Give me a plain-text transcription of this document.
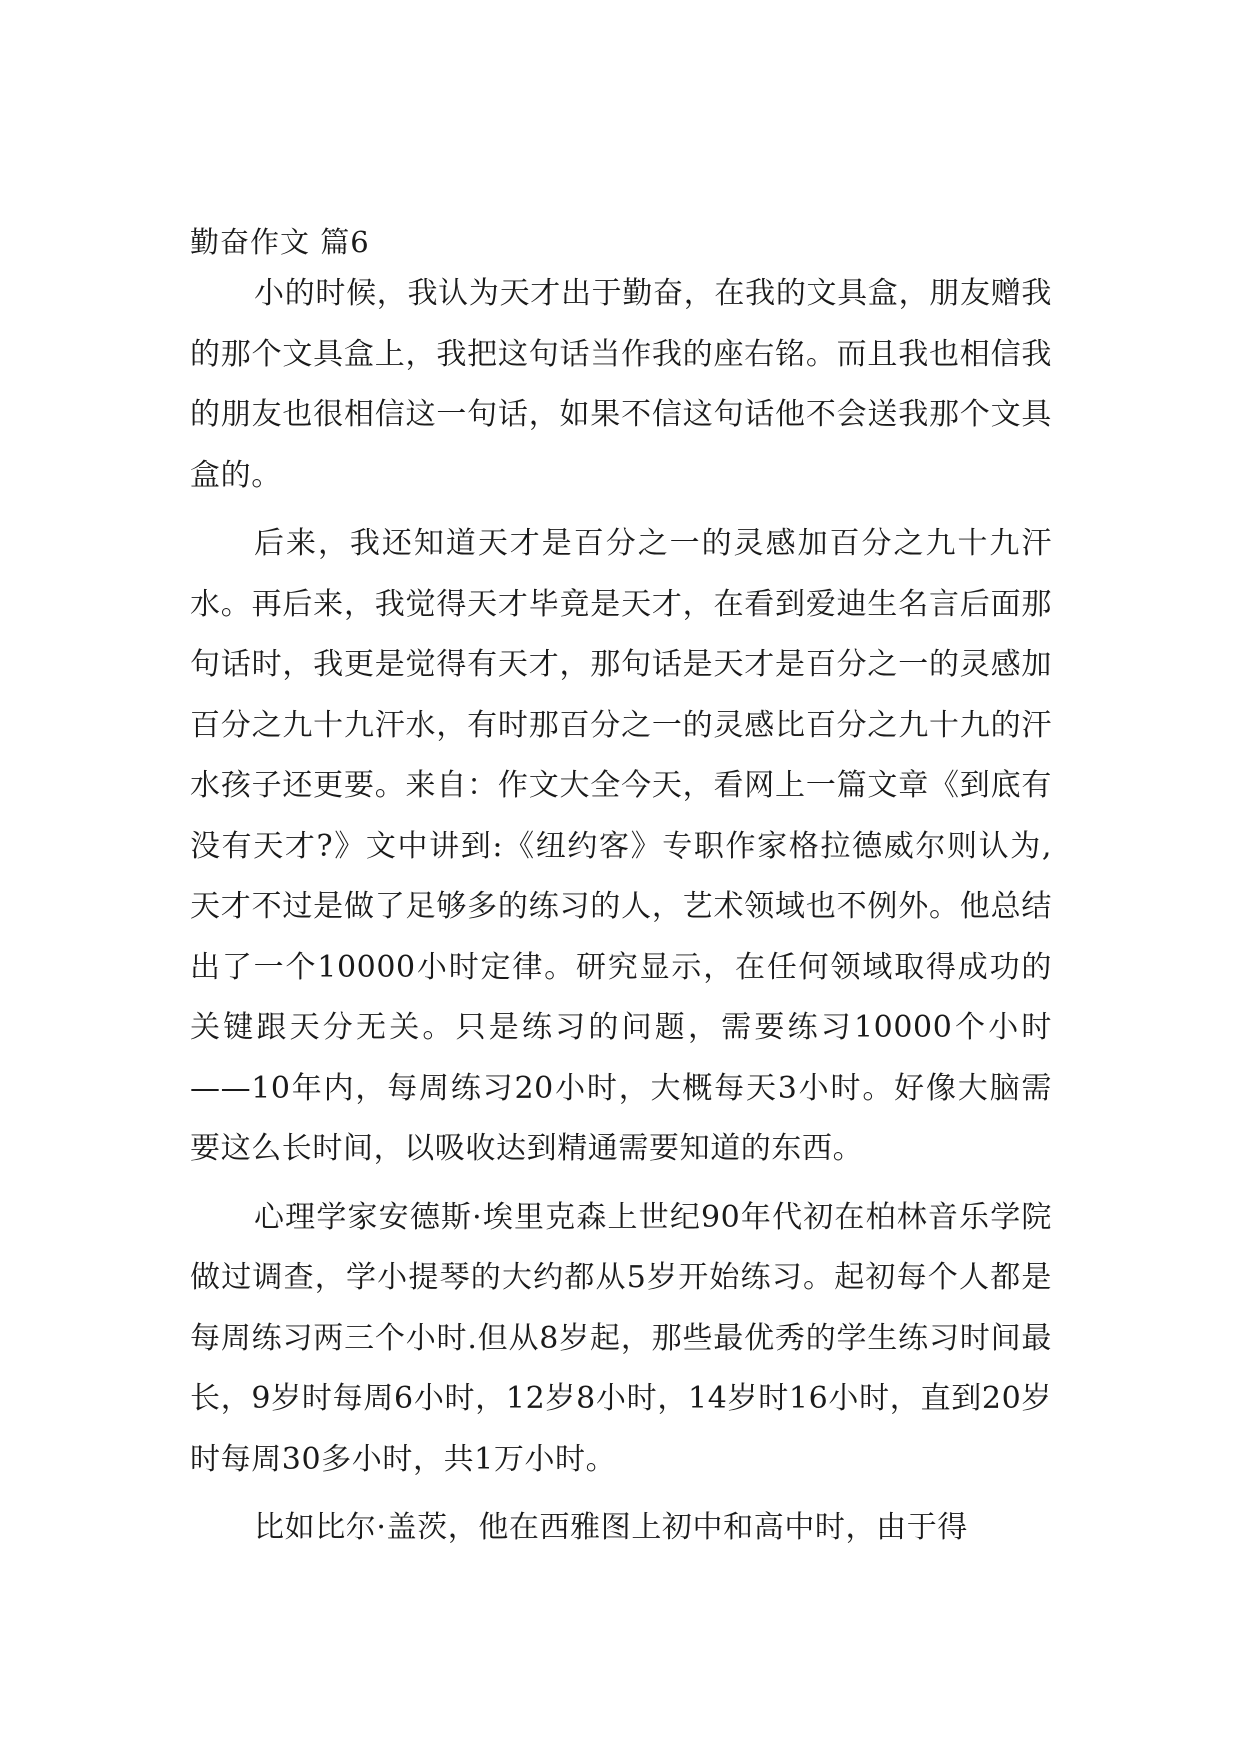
勤奋作文 篇6

小的时候，我认为天才出于勤奋，在我的文具盒，朋友赠我的那个文具盒上，我把这句话当作我的座右铭。而且我也相信我的朋友也很相信这一句话，如果不信这句话他不会送我那个文具盒的。

后来，我还知道天才是百分之一的灵感加百分之九十九汗水。再后来，我觉得天才毕竟是天才，在看到爱迪生名言后面那句话时，我更是觉得有天才，那句话是天才是百分之一的灵感加百分之九十九汗水，有时那百分之一的灵感比百分之九十九的汗水孩子还更要。来自：作文大全今天，看网上一篇文章《到底有没有天才?》文中讲到:《纽约客》专职作家格拉德威尔则认为,天才不过是做了足够多的练习的人，艺术领域也不例外。他总结出了一个10000小时定律。研究显示，在任何领域取得成功的关键跟天分无关。只是练习的问题，需要练习10000个小时——10年内，每周练习20小时，大概每天3小时。好像大脑需要这么长时间，以吸收达到精通需要知道的东西。

心理学家安德斯·埃里克森上世纪90年代初在柏林音乐学院做过调查，学小提琴的大约都从5岁开始练习。起初每个人都是每周练习两三个小时.但从8岁起，那些最优秀的学生练习时间最长，9岁时每周6小时，12岁8小时，14岁时16小时，直到20岁时每周30多小时，共1万小时。

比如比尔·盖茨，他在西雅图上初中和高中时，由于得
